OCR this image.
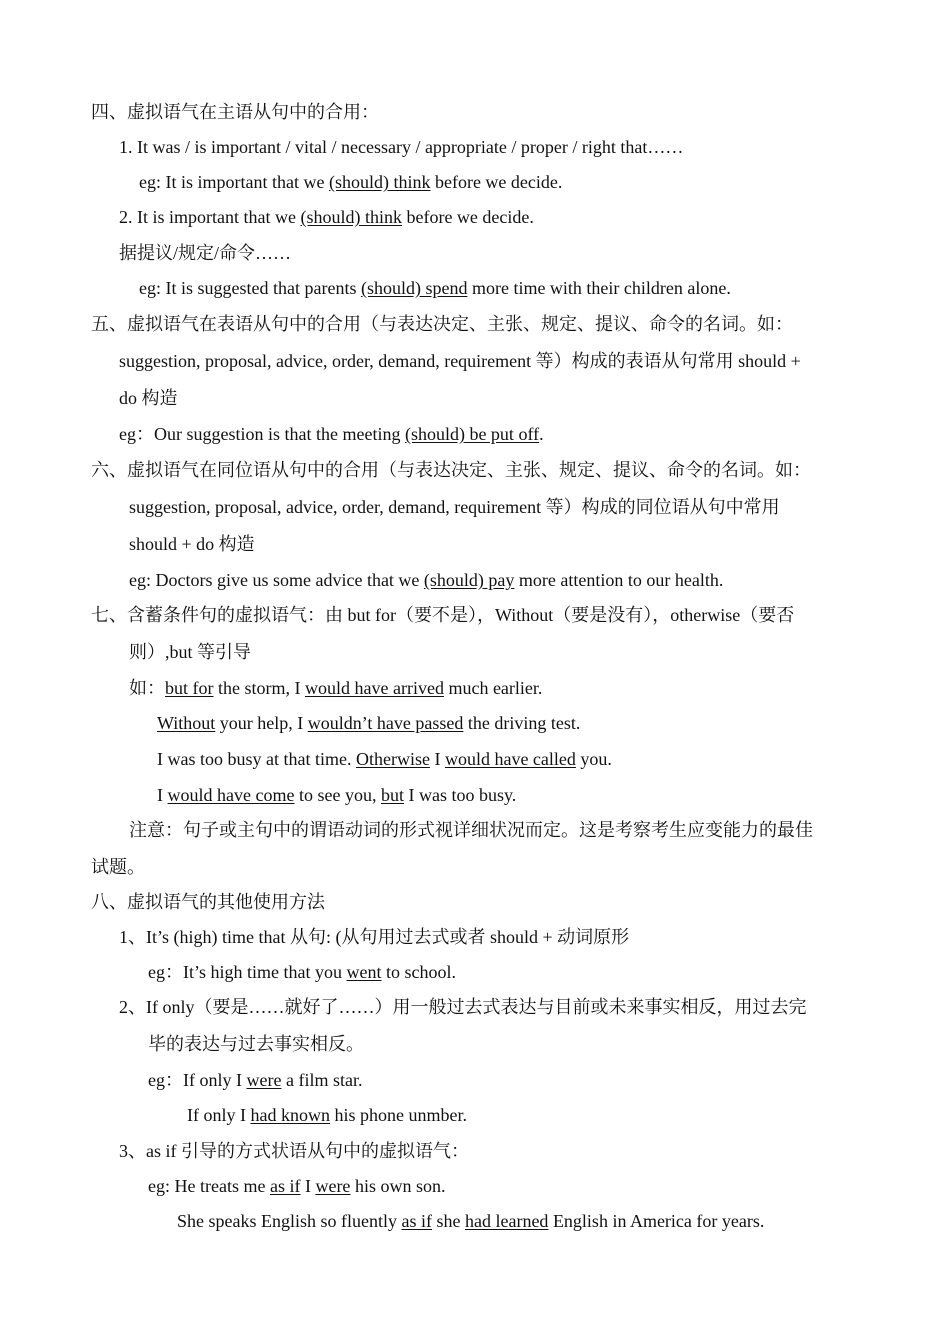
四、虚拟语气在主语从句中的合用：
1. It was / is important / vital / necessary / appropriate / proper / right that……
eg: It is important that we (should) think before we decide.
2. It is important that we (should) think before we decide.
据提议/规定/命令……
eg: It is suggested that parents (should) spend more time with their children alone.
五、虚拟语气在表语从句中的合用（与表达决定、主张、规定、提议、命令的名词。如：
suggestion, proposal, advice, order, demand, requirement 等）构成的表语从句常用 should +
do 构造
eg：Our suggestion is that the meeting (should) be put off.
六、虚拟语气在同位语从句中的合用（与表达决定、主张、规定、提议、命令的名词。如：
suggestion, proposal, advice, order, demand, requirement 等）构成的同位语从句中常用
should + do 构造
eg: Doctors give us some advice that we (should) pay more attention to our health.
七、含蓄条件句的虚拟语气：由 but for（要不是），Without（要是没有），otherwise（要否
则）,but 等引导
如：but for the storm, I would have arrived much earlier.
Without your help, I wouldn’t have passed the driving test.
I was too busy at that time. Otherwise I would have called you.
I would have come to see you, but I was too busy.
注意：句子或主句中的谓语动词的形式视详细状况而定。这是考察考生应变能力的最佳
试题。
八、虚拟语气的其他使用方法
1、It’s (high) time that 从句: (从句用过去式或者 should + 动词原形
eg：It’s high time that you went to school.
2、If only（要是……就好了……）用一般过去式表达与目前或未来事实相反，用过去完
毕的表达与过去事实相反。
eg：If only I were a film star.
If only I had known his phone unmber.
3、as if 引导的方式状语从句中的虚拟语气：
eg: He treats me as if I were his own son.
She speaks English so fluently as if she had learned English in America for years.
